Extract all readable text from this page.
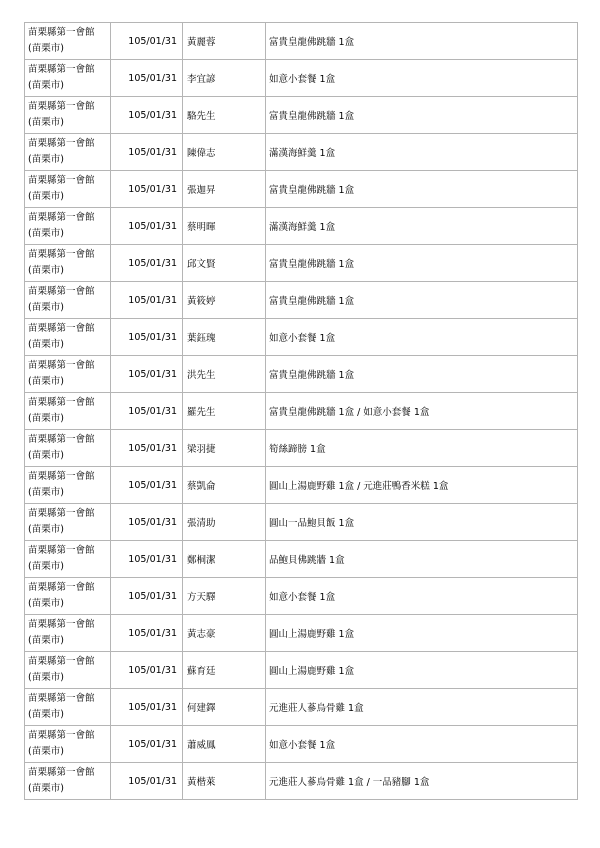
苗栗縣第一會館
(苗栗市)	105/01/31	黃麗蓉		富貴皇龍佛跳牆 1盒

苗栗縣第一會館
(苗栗市)	105/01/31	李宜諺		如意小套餐 1盒

苗栗縣第一會館
(苗栗市)	105/01/31	駱先生		富貴皇龍佛跳牆 1盒

苗栗縣第一會館
(苗栗市)	105/01/31	陳偉志		滿漢海鮮羹 1盒

苗栗縣第一會館
(苗栗市)	105/01/31	張迦昇		富貴皇龍佛跳牆 1盒

苗栗縣第一會館
(苗栗市)	105/01/31	蔡明暉		滿漢海鮮羹 1盒

苗栗縣第一會館
(苗栗市)	105/01/31	邱文賢		富貴皇龍佛跳牆 1盒

苗栗縣第一會館
(苗栗市)	105/01/31	黃筱婷		富貴皇龍佛跳牆 1盒

苗栗縣第一會館
(苗栗市)	105/01/31	葉鈺瑰		如意小套餐 1盒

苗栗縣第一會館
(苗栗市)	105/01/31	洪先生		富貴皇龍佛跳牆 1盒

苗栗縣第一會館
(苗栗市)	105/01/31	羅先生		富貴皇龍佛跳牆 1盒 / 如意小套餐 1盒

苗栗縣第一會館
(苗栗市)	105/01/31	梁羽捷		筍絲蹄膀 1盒

苗栗縣第一會館
(苗栗市)	105/01/31	蔡凱侖		圓山上湯鹿野雞 1盒 / 元進莊鴨香米糕 1盒

苗栗縣第一會館
(苗栗市)	105/01/31	張清助		圓山一品鮑貝飯 1盒

苗栗縣第一會館
(苗栗市)	105/01/31	鄭桐潔		品鮑貝佛跳牆 1盒

苗栗縣第一會館
(苗栗市)	105/01/31	方天驛		如意小套餐 1盒

苗栗縣第一會館
(苗栗市)	105/01/31	黃志豪		圓山上湯鹿野雞 1盒

苗栗縣第一會館
(苗栗市)	105/01/31	蘇育廷		圓山上湯鹿野雞 1盒

苗栗縣第一會館
(苗栗市)	105/01/31	何建鐸		元進莊人蔘烏骨雞 1盒

苗栗縣第一會館
(苗栗市)	105/01/31	蕭威鳳		如意小套餐 1盒

苗栗縣第一會館
(苗栗市)	105/01/31	黃楷萊		元進莊人蔘烏骨雞 1盒 / 一品豬腳 1盒
